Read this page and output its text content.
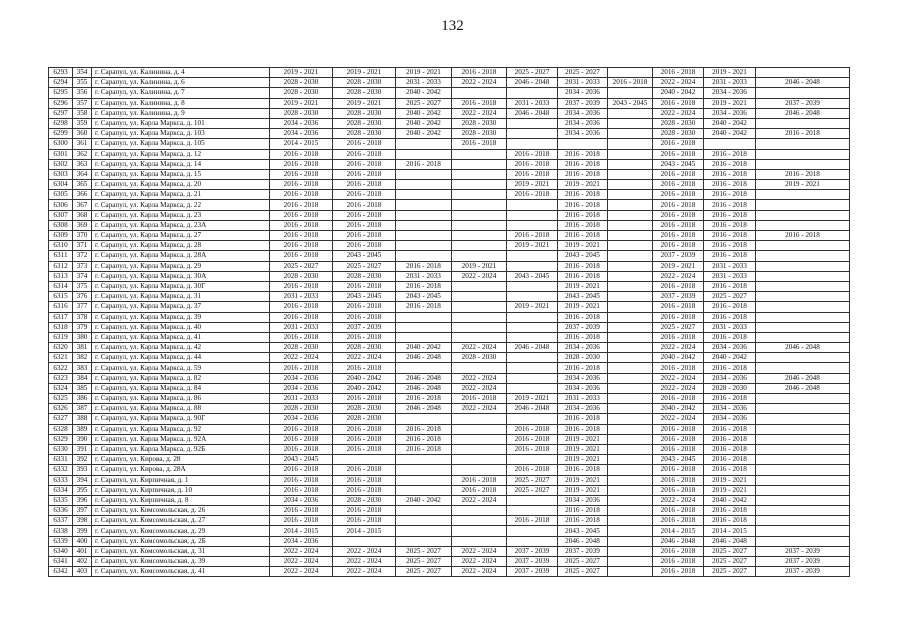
132
6293	354	г. Сарапул, ул. Калинина, д. 4	2019 - 2021	2019 - 2021	2019 - 2021	2016 - 2018	2025 - 2027	2025 - 2027		2016 - 2018	2019 - 2021	
6294	355	г. Сарапул, ул. Калинина, д. 6	2028 - 2030	2028 - 2030	2031 - 2033	2022 - 2024	2046 - 2048	2031 - 2033	2016 - 2018	2022 - 2024	2031 - 2033	2046 - 2048
6295	356	г. Сарапул, ул. Калинина, д. 7	2028 - 2030	2028 - 2030	2040 - 2042			2034 - 2036		2040 - 2042	2034 - 2036	
6296	357	г. Сарапул, ул. Калинина, д. 8	2019 - 2021	2019 - 2021	2025 - 2027	2016 - 2018	2031 - 2033	2037 - 2039	2043 - 2045	2016 - 2018	2019 - 2021	2037 - 2039
6297	358	г. Сарапул, ул. Калинина, д. 9	2028 - 2030	2028 - 2030	2040 - 2042	2022 - 2024	2046 - 2048	2034 - 2036		2022 - 2024	2034 - 2036	2046 - 2048
6298	359	г. Сарапул, ул. Карла Маркса, д. 101	2034 - 2036	2028 - 2030	2040 - 2042	2028 - 2030		2034 - 2036		2028 - 2030	2040 - 2042	
6299	360	г. Сарапул, ул. Карла Маркса, д. 103	2034 - 2036	2028 - 2030	2040 - 2042	2028 - 2030		2034 - 2036		2028 - 2030	2040 - 2042	2016 - 2018
6300	361	г. Сарапул, ул. Карла Маркса, д. 105	2014 - 2015	2016 - 2018		2016 - 2018				2016 - 2018		
6301	362	г. Сарапул, ул. Карла Маркса, д. 12	2016 - 2018	2016 - 2018			2016 - 2018	2016 - 2018		2016 - 2018	2016 - 2018	
6302	363	г. Сарапул, ул. Карла Маркса, д. 14	2016 - 2018	2016 - 2018	2016 - 2018		2016 - 2018	2016 - 2018		2043 - 2045	2016 - 2018	
6303	364	г. Сарапул, ул. Карла Маркса, д. 15	2016 - 2018	2016 - 2018			2016 - 2018	2016 - 2018		2016 - 2018	2016 - 2018	2016 - 2018
6304	365	г. Сарапул, ул. Карла Маркса, д. 20	2016 - 2018	2016 - 2018			2019 - 2021	2019 - 2021		2016 - 2018	2016 - 2018	2019 - 2021
6305	366	г. Сарапул, ул. Карла Маркса, д. 21	2016 - 2018	2016 - 2018			2016 - 2018	2016 - 2018		2016 - 2018	2016 - 2018	
6306	367	г. Сарапул, ул. Карла Маркса, д. 22	2016 - 2018	2016 - 2018				2016 - 2018		2016 - 2018	2016 - 2018	
6307	368	г. Сарапул, ул. Карла Маркса, д. 23	2016 - 2018	2016 - 2018				2016 - 2018		2016 - 2018	2016 - 2018	
6308	369	г. Сарапул, ул. Карла Маркса, д. 23А	2016 - 2018	2016 - 2018				2016 - 2018		2016 - 2018	2016 - 2018	
6309	370	г. Сарапул, ул. Карла Маркса, д. 27	2016 - 2018	2016 - 2018			2016 - 2018	2016 - 2018		2016 - 2018	2016 - 2018	2016 - 2018
6310	371	г. Сарапул, ул. Карла Маркса, д. 28	2016 - 2018	2016 - 2018			2019 - 2021	2019 - 2021		2016 - 2018	2016 - 2018	
6311	372	г. Сарапул, ул. Карла Маркса, д. 28А	2016 - 2018	2043 - 2045				2043 - 2045		2037 - 2039	2016 - 2018	
6312	373	г. Сарапул, ул. Карла Маркса, д. 29	2025 - 2027	2025 - 2027	2016 - 2018	2019 - 2021		2016 - 2018		2019 - 2021	2031 - 2033	
6313	374	г. Сарапул, ул. Карла Маркса, д. 30А	2028 - 2030	2028 - 2030	2031 - 2033	2022 - 2024	2043 - 2045	2016 - 2018		2022 - 2024	2031 - 2033	
6314	375	г. Сарапул, ул. Карла Маркса, д. 30Г	2016 - 2018	2016 - 2018	2016 - 2018			2019 - 2021		2016 - 2018	2016 - 2018	
6315	376	г. Сарапул, ул. Карла Маркса, д. 31	2031 - 2033	2043 - 2045	2043 - 2045			2043 - 2045		2037 - 2039	2025 - 2027	
6316	377	г. Сарапул, ул. Карла Маркса, д. 37	2016 - 2018	2016 - 2018	2016 - 2018		2019 - 2021	2019 - 2021		2016 - 2018	2016 - 2018	
6317	378	г. Сарапул, ул. Карла Маркса, д. 39	2016 - 2018	2016 - 2018				2016 - 2018		2016 - 2018	2016 - 2018	
6318	379	г. Сарапул, ул. Карла Маркса, д. 40	2031 - 2033	2037 - 2039				2037 - 2039		2025 - 2027	2031 - 2033	
6319	380	г. Сарапул, ул. Карла Маркса, д. 41	2016 - 2018	2016 - 2018				2016 - 2018		2016 - 2018	2016 - 2018	
6320	381	г. Сарапул, ул. Карла Маркса, д. 42	2028 - 2030	2028 - 2030	2040 - 2042	2022 - 2024	2046 - 2048	2034 - 2036		2022 - 2024	2034 - 2036	2046 - 2048
6321	382	г. Сарапул, ул. Карла Маркса, д. 44	2022 - 2024	2022 - 2024	2046 - 2048	2028 - 2030		2028 - 2030		2040 - 2042	2040 - 2042	
6322	383	г. Сарапул, ул. Карла Маркса, д. 59	2016 - 2018	2016 - 2018				2016 - 2018		2016 - 2018	2016 - 2018	
6323	384	г. Сарапул, ул. Карла Маркса, д. 82	2034 - 2036	2040 - 2042	2046 - 2048	2022 - 2024		2034 - 2036		2022 - 2024	2034 - 2036	2046 - 2048
6324	385	г. Сарапул, ул. Карла Маркса, д. 84	2034 - 2036	2040 - 2042	2046 - 2048	2022 - 2024		2034 - 2036		2022 - 2024	2028 - 2030	2046 - 2048
6325	386	г. Сарапул, ул. Карла Маркса, д. 86	2031 - 2033	2016 - 2018	2016 - 2018	2016 - 2018	2019 - 2021	2031 - 2033		2016 - 2018	2016 - 2018	
6326	387	г. Сарапул, ул. Карла Маркса, д. 88	2028 - 2030	2028 - 2030	2046 - 2048	2022 - 2024	2046 - 2048	2034 - 2036		2040 - 2042	2034 - 2036	
6327	388	г. Сарапул, ул. Карла Маркса, д. 90Г	2034 - 2036	2028 - 2030				2016 - 2018		2022 - 2024	2034 - 2036	
6328	389	г. Сарапул, ул. Карла Маркса, д. 92	2016 - 2018	2016 - 2018	2016 - 2018		2016 - 2018	2016 - 2018		2016 - 2018	2016 - 2018	
6329	390	г. Сарапул, ул. Карла Маркса, д. 92А	2016 - 2018	2016 - 2018	2016 - 2018		2016 - 2018	2019 - 2021		2016 - 2018	2016 - 2018	
6330	391	г. Сарапул, ул. Карла Маркса, д. 92Б	2016 - 2018	2016 - 2018	2016 - 2018		2016 - 2018	2019 - 2021		2016 - 2018	2016 - 2018	
6331	392	г. Сарапул, ул. Кирова, д. 28	2043 - 2045					2019 - 2021		2043 - 2045	2016 - 2018	
6332	393	г. Сарапул, ул. Кирова, д. 28А	2016 - 2018	2016 - 2018			2016 - 2018	2016 - 2018		2016 - 2018	2016 - 2018	
6333	394	г. Сарапул, ул. Кирпичная, д. 1	2016 - 2018	2016 - 2018		2016 - 2018	2025 - 2027	2019 - 2021		2016 - 2018	2019 - 2021	
6334	395	г. Сарапул, ул. Кирпичная, д. 10	2016 - 2018	2016 - 2018		2016 - 2018	2025 - 2027	2019 - 2021		2016 - 2018	2019 - 2021	
6335	396	г. Сарапул, ул. Кирпичная, д. 8	2034 - 2036	2028 - 2030	2040 - 2042	2022 - 2024		2034 - 2036		2022 - 2024	2040 - 2042	
6336	397	г. Сарапул, ул. Комсомольская, д. 26	2016 - 2018	2016 - 2018				2016 - 2018		2016 - 2018	2016 - 2018	
6337	398	г. Сарапул, ул. Комсомольская, д. 27	2016 - 2018	2016 - 2018			2016 - 2018	2016 - 2018		2016 - 2018	2016 - 2018	
6338	399	г. Сарапул, ул. Комсомольская, д. 29	2014 - 2015	2014 - 2015				2043 - 2045		2014 - 2015	2014 - 2015	
6339	400	г. Сарапул, ул. Комсомольская, д. 2Б	2034 - 2036					2046 - 2048		2046 - 2048	2046 - 2048	
6340	401	г. Сарапул, ул. Комсомольская, д. 31	2022 - 2024	2022 - 2024	2025 - 2027	2022 - 2024	2037 - 2039	2037 - 2039		2016 - 2018	2025 - 2027	2037 - 2039
6341	402	г. Сарапул, ул. Комсомольская, д. 39	2022 - 2024	2022 - 2024	2025 - 2027	2022 - 2024	2037 - 2039	2025 - 2027		2016 - 2018	2025 - 2027	2037 - 2039
6342	403	г. Сарапул, ул. Комсомольская, д. 41	2022 - 2024	2022 - 2024	2025 - 2027	2022 - 2024	2037 - 2039	2025 - 2027		2016 - 2018	2025 - 2027	2037 - 2039
